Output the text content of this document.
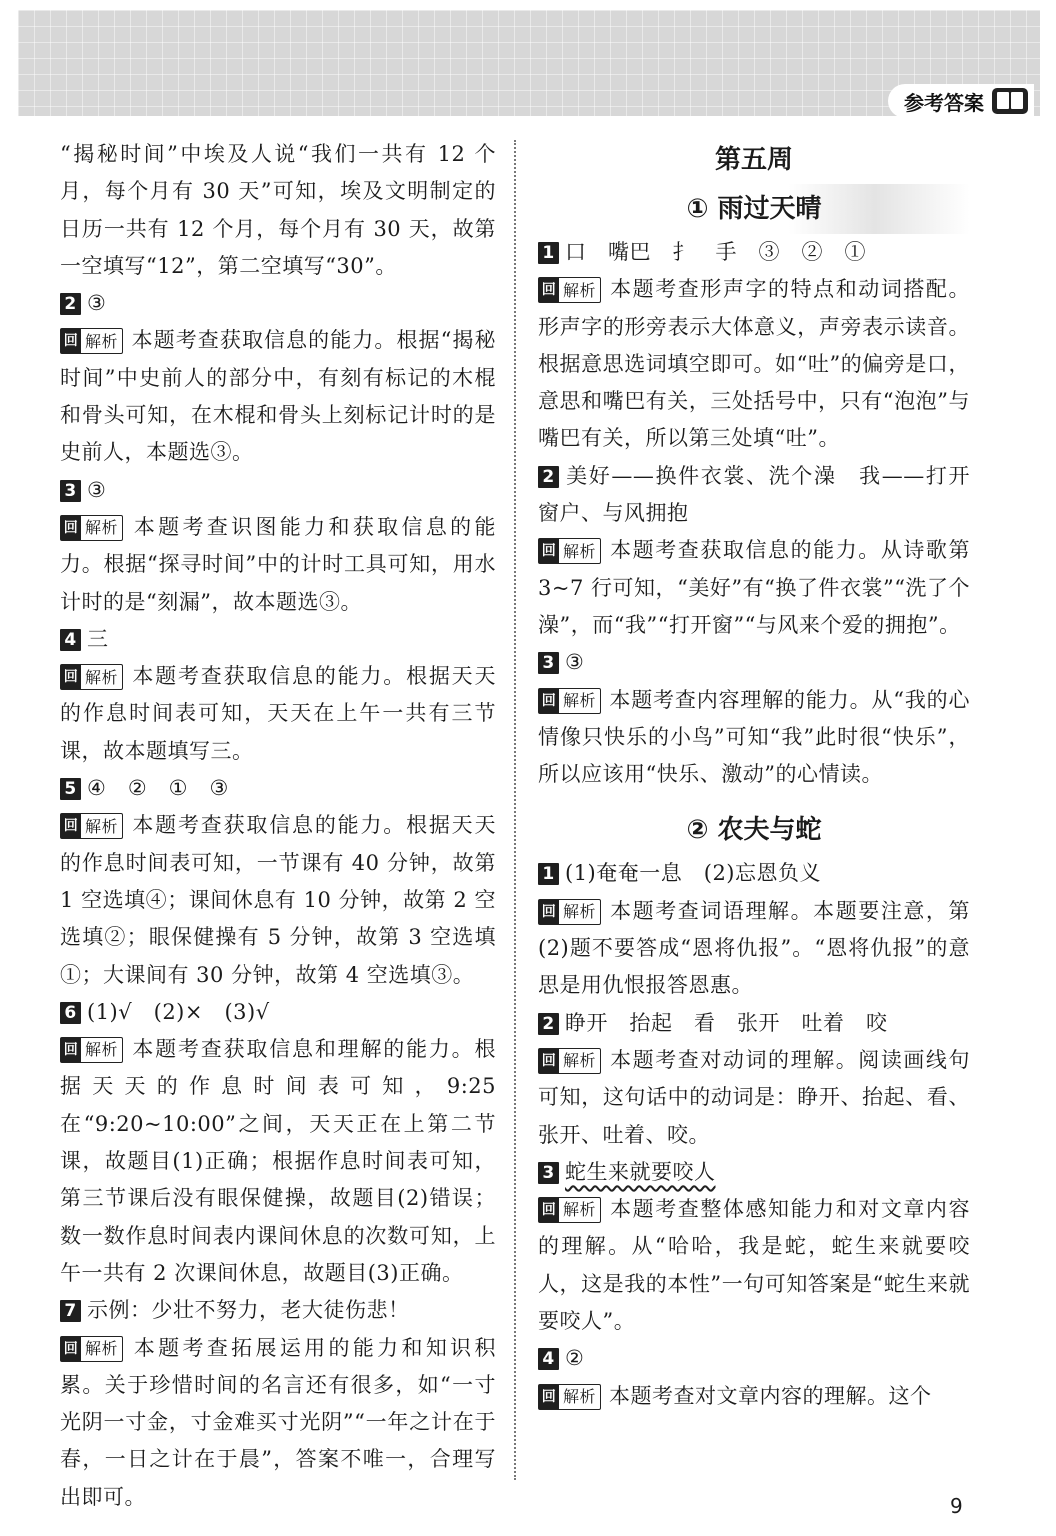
参考答案

“揭秘时间”中埃及人说“我们一共有 12 个月，每个月有 30 天”可知，埃及文明制定的日历一共有 12 个月，每个月有 30 天，故第一空填写“12”，第二空填写“30”。

2 ③

回 解析 本题考查获取信息的能力。根据“揭秘时间”中史前人的部分中，有刻有标记的木棍和骨头可知，在木棍和骨头上刻标记计时的是史前人，本题选③。

3 ③

回 解析 本题考查识图能力和获取信息的能力。根据“探寻时间”中的计时工具可知，用水计时的是“刻漏”，故本题选③。

4 三

回 解析 本题考查获取信息的能力。根据天天的作息时间表可知，天天在上午一共有三节课，故本题填写三。

5 ④　②　①　③

回 解析 本题考查获取信息的能力。根据天天的作息时间表可知，一节课有 40 分钟，故第 1 空选填④；课间休息有 10 分钟，故第 2 空选填②；眼保健操有 5 分钟，故第 3 空选填①；大课间有 30 分钟，故第 4 空选填③。

6 (1)√　(2)×　(3)√

回 解析 本题考查获取信息和理解的能力。根据天天的作息时间表可知，9:25 在“9:20~10:00”之间，天天正在上第二节课，故题目(1)正确；根据作息时间表可知，第三节课后没有眼保健操，故题目(2)错误；数一数作息时间表内课间休息的次数可知，上午一共有 2 次课间休息，故题目(3)正确。

7 示例：少壮不努力，老大徒伤悲！

回 解析 本题考查拓展运用的能力和知识积累。关于珍惜时间的名言还有很多，如“一寸光阴一寸金，寸金难买寸光阴”“一年之计在于春，一日之计在于晨”，答案不唯一，合理写出即可。

第五周
① 雨过天晴

1 口　嘴巴　扌　手　③　②　①

回 解析 本题考查形声字的特点和动词搭配。形声字的形旁表示大体意义，声旁表示读音。根据意思选词填空即可。如“吐”的偏旁是口，意思和嘴巴有关，三处括号中，只有“泡泡”与嘴巴有关，所以第三处填“吐”。

2 美好——换件衣裳、洗个澡　我——打开窗户、与风拥抱

回 解析 本题考查获取信息的能力。从诗歌第 3~7 行可知，“美好”有“换了件衣裳”“洗了个澡”，而“我”“打开窗”“与风来个爱的拥抱”。

3 ③

回 解析 本题考查内容理解的能力。从“我的心情像只快乐的小鸟”可知“我”此时很“快乐”，所以应该用“快乐、激动”的心情读。

② 农夫与蛇

1 (1)奄奄一息　(2)忘恩负义

回 解析 本题考查词语理解。本题要注意，第(2)题不要答成“恩将仇报”。“恩将仇报”的意思是用仇恨报答恩惠。

2 睁开　抬起　看　张开　吐着　咬

回 解析 本题考查对动词的理解。阅读画线句可知，这句话中的动词是：睁开、抬起、看、张开、吐着、咬。

3 蛇生来就要咬人

回 解析 本题考查整体感知能力和对文章内容的理解。从“哈哈，我是蛇，蛇生来就要咬人，这是我的本性”一句可知答案是“蛇生来就要咬人”。

4 ②

回 解析 本题考查对文章内容的理解。这个

9
